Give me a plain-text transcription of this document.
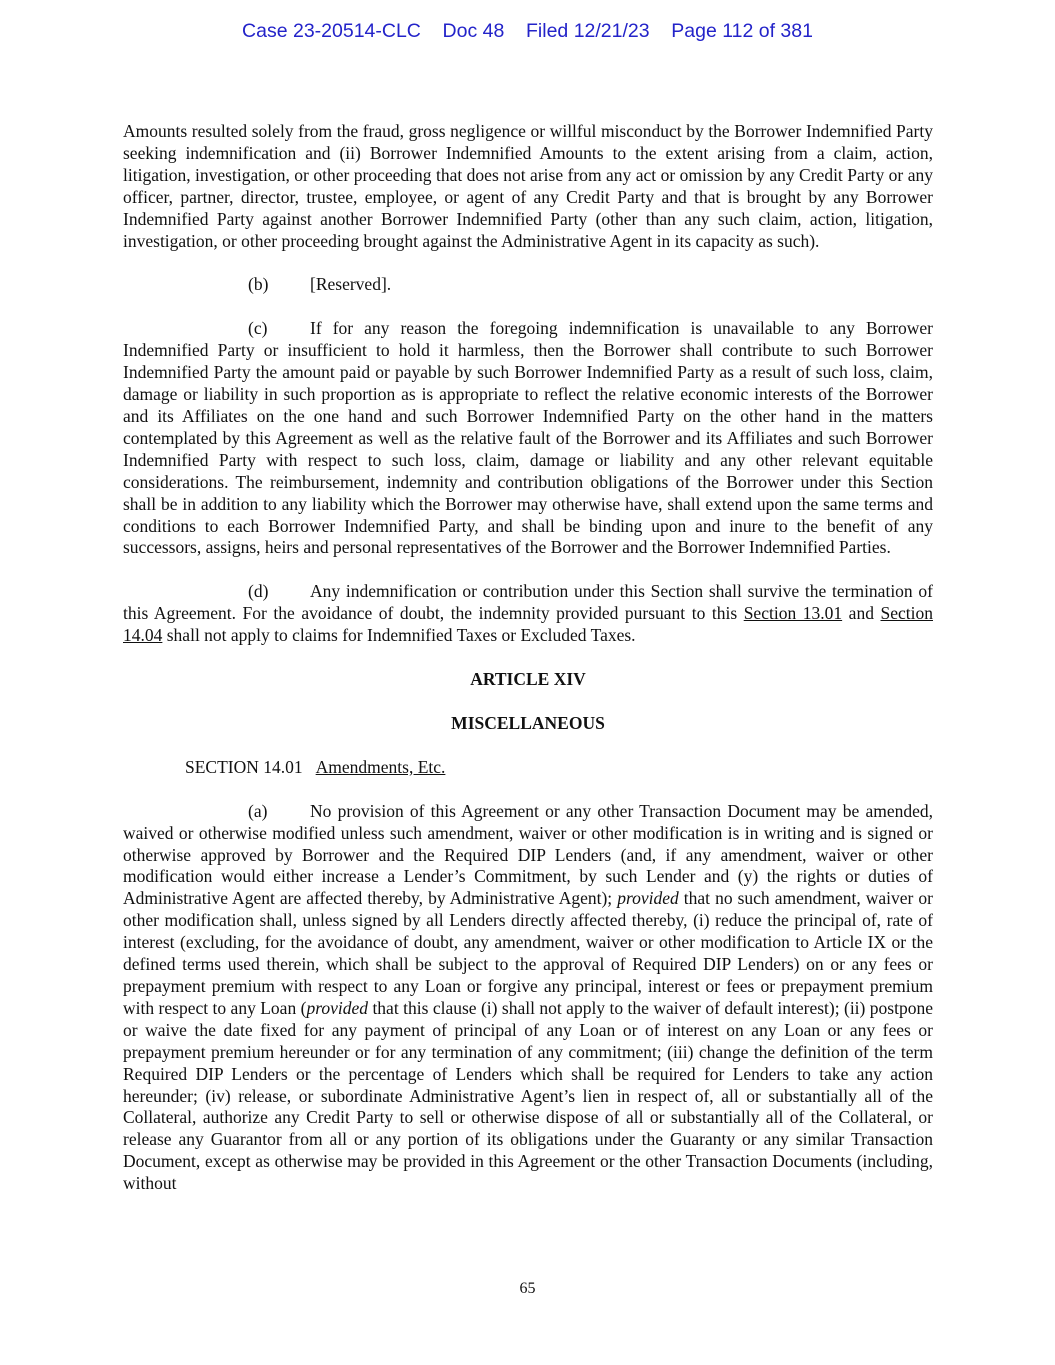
Case 23-20514-CLC    Doc 48    Filed 12/21/23    Page 112 of 381

Amounts resulted solely from the fraud, gross negligence or willful misconduct by the Borrower Indemnified Party seeking indemnification and (ii) Borrower Indemnified Amounts to the extent arising from a claim, action, litigation, investigation, or other proceeding that does not arise from any act or omission by any Credit Party or any officer, partner, director, trustee, employee, or agent of any Credit Party and that is brought by any Borrower Indemnified Party against another Borrower Indemnified Party (other than any such claim, action, litigation, investigation, or other proceeding brought against the Administrative Agent in its capacity as such).

(b) [Reserved].

(c) If for any reason the foregoing indemnification is unavailable to any Borrower Indemnified Party or insufficient to hold it harmless, then the Borrower shall contribute to such Borrower Indemnified Party the amount paid or payable by such Borrower Indemnified Party as a result of such loss, claim, damage or liability in such proportion as is appropriate to reflect the relative economic interests of the Borrower and its Affiliates on the one hand and such Borrower Indemnified Party on the other hand in the matters contemplated by this Agreement as well as the relative fault of the Borrower and its Affiliates and such Borrower Indemnified Party with respect to such loss, claim, damage or liability and any other relevant equitable considerations. The reimbursement, indemnity and contribution obligations of the Borrower under this Section shall be in addition to any liability which the Borrower may otherwise have, shall extend upon the same terms and conditions to each Borrower Indemnified Party, and shall be binding upon and inure to the benefit of any successors, assigns, heirs and personal representatives of the Borrower and the Borrower Indemnified Parties.

(d) Any indemnification or contribution under this Section shall survive the termination of this Agreement. For the avoidance of doubt, the indemnity provided pursuant to this Section 13.01 and Section 14.04 shall not apply to claims for Indemnified Taxes or Excluded Taxes.

ARTICLE XIV

MISCELLANEOUS

SECTION 14.01 Amendments, Etc.

(a) No provision of this Agreement or any other Transaction Document may be amended, waived or otherwise modified unless such amendment, waiver or other modification is in writing and is signed or otherwise approved by Borrower and the Required DIP Lenders (and, if any amendment, waiver or other modification would either increase a Lender’s Commitment, by such Lender and (y) the rights or duties of Administrative Agent are affected thereby, by Administrative Agent); provided that no such amendment, waiver or other modification shall, unless signed by all Lenders directly affected thereby, (i) reduce the principal of, rate of interest (excluding, for the avoidance of doubt, any amendment, waiver or other modification to Article IX or the defined terms used therein, which shall be subject to the approval of Required DIP Lenders) on or any fees or prepayment premium with respect to any Loan or forgive any principal, interest or fees or prepayment premium with respect to any Loan (provided that this clause (i) shall not apply to the waiver of default interest); (ii) postpone or waive the date fixed for any payment of principal of any Loan or of interest on any Loan or any fees or prepayment premium hereunder or for any termination of any commitment; (iii) change the definition of the term Required DIP Lenders or the percentage of Lenders which shall be required for Lenders to take any action hereunder; (iv) release, or subordinate Administrative Agent’s lien in respect of, all or substantially all of the Collateral, authorize any Credit Party to sell or otherwise dispose of all or substantially all of the Collateral, or release any Guarantor from all or any portion of its obligations under the Guaranty or any similar Transaction Document, except as otherwise may be provided in this Agreement or the other Transaction Documents (including, without

65
